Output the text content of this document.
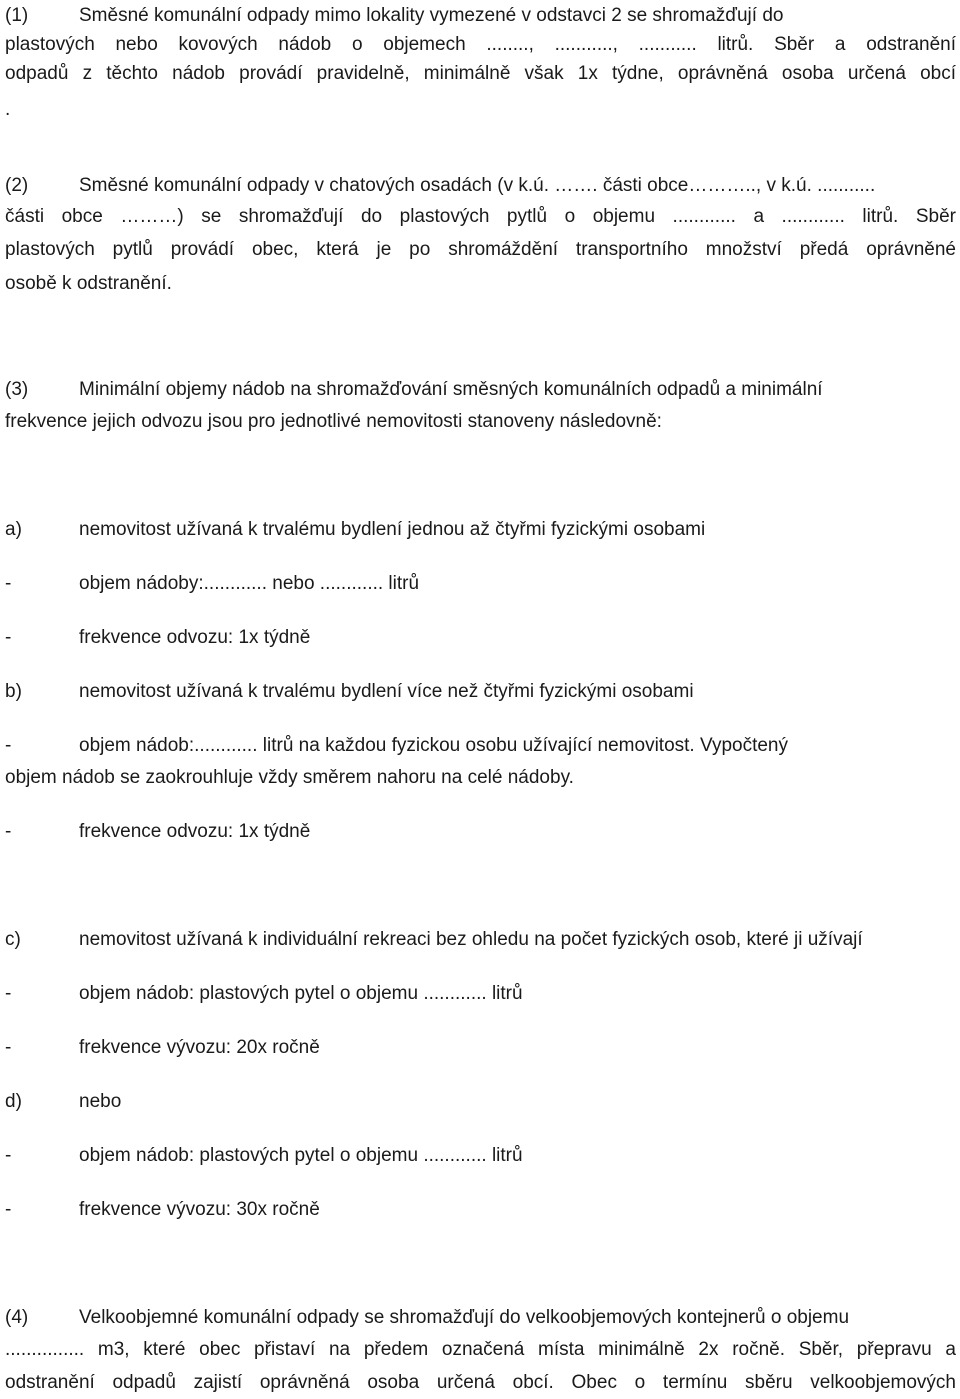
(1)	Směsné komunální odpady mimo lokality vymezené v odstavci 2 se shromažďují do
plastových nebo kovových nádob o objemech ........, ..........., ........... litrů. Sběr a odstranění
odpadů z těchto nádob provádí pravidelně, minimálně však 1x týdne, oprávněná osoba určená obcí
.
(2)	Směsné komunální odpady v chatových osadách (v k.ú. ……. části obce……….., v k.ú. ...........
části obce ………) se shromažďují do plastových pytlů o objemu ............ a ............ litrů. Sběr
plastových pytlů provádí obec, která je po shromáždění transportního množství předá oprávněné
osobě k odstranění.
(3)	Minimální objemy nádob na shromažďování směsných komunálních odpadů a minimální
frekvence jejich odvozu jsou pro jednotlivé nemovitosti stanoveny následovně:
a)	nemovitost užívaná k trvalému bydlení jednou až čtyřmi fyzickými osobami
-	objem nádoby:............ nebo ............ litrů
-	frekvence odvozu: 1x týdně
b)	nemovitost užívaná k trvalému bydlení více než čtyřmi fyzickými osobami
-	objem nádob:............ litrů na každou fyzickou osobu užívající nemovitost. Vypočtený
objem nádob se zaokrouhluje vždy směrem nahoru na celé nádoby.
-	frekvence odvozu: 1x týdně
c)	nemovitost užívaná k individuální rekreaci bez ohledu na počet fyzických osob, které ji užívají
-	objem nádob: plastových pytel o objemu ............ litrů
-	frekvence vývozu: 20x ročně
d)	nebo
-	objem nádob: plastových pytel o objemu ............ litrů
-	frekvence vývozu: 30x ročně
(4)	Velkoobjemné komunální odpady se shromažďují do velkoobjemových kontejnerů o objemu
............... m3, které obec přistaví na předem označená místa minimálně 2x ročně. Sběr, přepravu a
odstranění odpadů zajistí oprávněná osoba určená obcí. Obec o termínu sběru velkoobjemových
